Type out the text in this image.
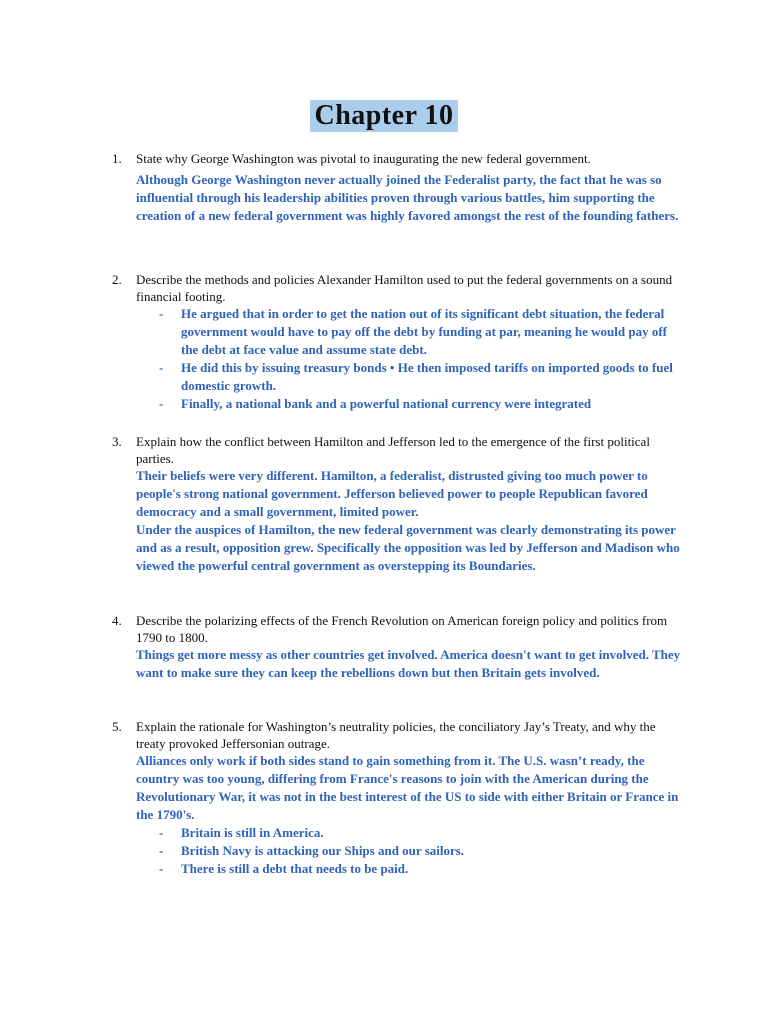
Chapter 10
1. State why George Washington was pivotal to inaugurating the new federal government.
Although George Washington never actually joined the Federalist party, the fact that he was so influential through his leadership abilities proven through various battles, him supporting the creation of a new federal government was highly favored amongst the rest of the founding fathers.
2. Describe the methods and policies Alexander Hamilton used to put the federal governments on a sound financial footing.
- He argued that in order to get the nation out of its significant debt situation, the federal government would have to pay off the debt by funding at par, meaning he would pay off the debt at face value and assume state debt.
- He did this by issuing treasury bonds • He then imposed tariffs on imported goods to fuel domestic growth.
- Finally, a national bank and a powerful national currency were integrated
3. Explain how the conflict between Hamilton and Jefferson led to the emergence of the first political parties.
Their beliefs were very different. Hamilton, a federalist, distrusted giving too much power to people's strong national government. Jefferson believed power to people Republican favored democracy and a small government, limited power.
Under the auspices of Hamilton, the new federal government was clearly demonstrating its power and as a result, opposition grew. Specifically the opposition was led by Jefferson and Madison who viewed the powerful central government as overstepping its Boundaries.
4. Describe the polarizing effects of the French Revolution on American foreign policy and politics from 1790 to 1800.
Things get more messy as other countries get involved. America doesn't want to get involved. They want to make sure they can keep the rebellions down but then Britain gets involved.
5. Explain the rationale for Washington’s neutrality policies, the conciliatory Jay’s Treaty, and why the treaty provoked Jeffersonian outrage.
Alliances only work if both sides stand to gain something from it. The U.S. wasn’t ready, the country was too young, differing from France's reasons to join with the American during the Revolutionary War, it was not in the best interest of the US to side with either Britain or France in the 1790's.
- Britain is still in America.
- British Navy is attacking our Ships and our sailors.
- There is still a debt that needs to be paid.
